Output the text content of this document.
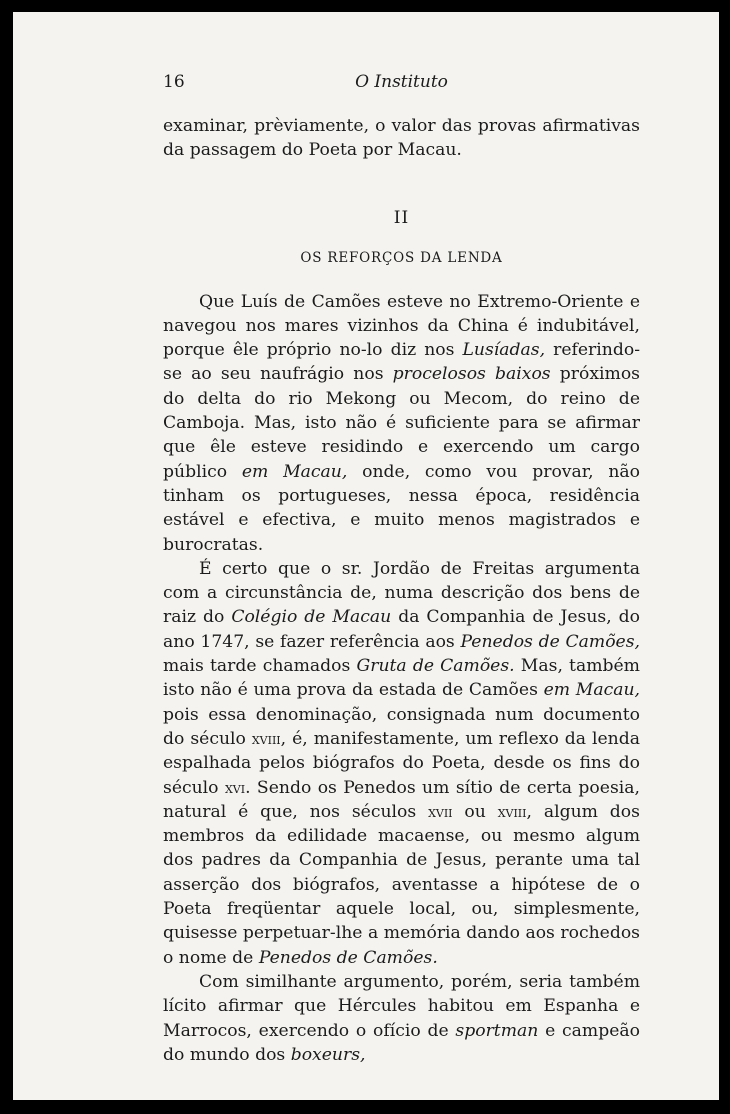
16	O Instituto

examinar, prèviamente, o valor das provas afirmativas da passagem do Poeta por Macau.

II
OS REFORÇOS DA LENDA

Que Luís de Camões esteve no Extremo-Oriente e navegou nos mares vizinhos da China é indubitável, porque êle próprio no-lo diz nos Lusíadas, referindo-se ao seu naufrágio nos procelosos baixos próximos do delta do rio Mekong ou Mecom, do reino de Camboja. Mas, isto não é suficiente para se afirmar que êle esteve residindo e exercendo um cargo público em Macau, onde, como vou provar, não tinham os portugueses, nessa época, residência estável e efectiva, e muito menos magistrados e burocratas.

É certo que o sr. Jordão de Freitas argumenta com a circunstância de, numa descrição dos bens de raiz do Colégio de Macau da Companhia de Jesus, do ano 1747, se fazer referência aos Penedos de Camões, mais tarde chamados Gruta de Camões. Mas, também isto não é uma prova da estada de Camões em Macau, pois essa denominação, consignada num documento do século xviii, é, manifestamente, um reflexo da lenda espalhada pelos biógrafos do Poeta, desde os fins do século xvi. Sendo os Penedos um sítio de certa poesia, natural é que, nos séculos xvii ou xviii, algum dos membros da edilidade macaense, ou mesmo algum dos padres da Companhia de Jesus, perante uma tal asserção dos biógrafos, aventasse a hipótese de o Poeta freqüentar aquele local, ou, simplesmente, quisesse perpetuar-lhe a memória dando aos rochedos o nome de Penedos de Camões.

Com similhante argumento, porém, seria também lícito afirmar que Hércules habitou em Espanha e Marrocos, exercendo o ofício de sportman e campeão do mundo dos boxeurs,
